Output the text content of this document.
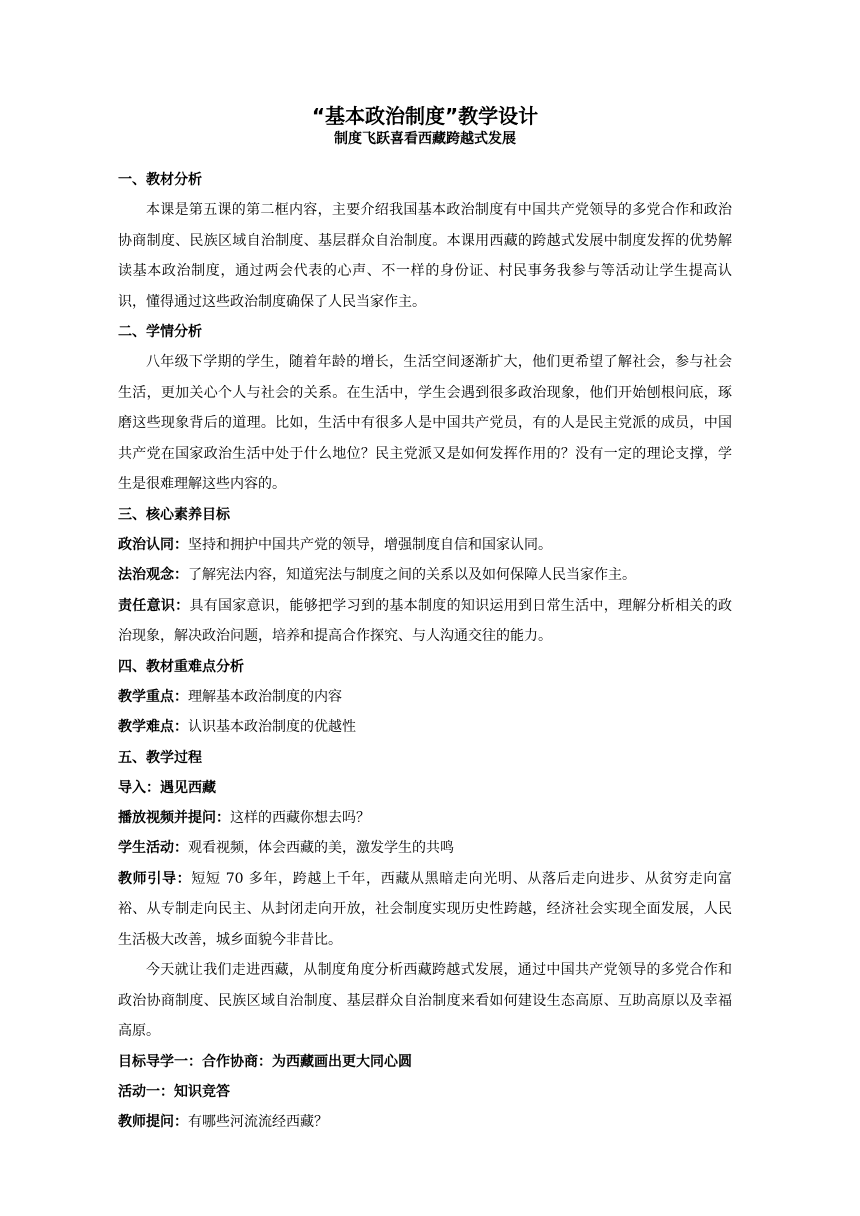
“基本政治制度”教学设计
制度飞跃喜看西藏跨越式发展

一、教材分析

本课是第五课的第二框内容，主要介绍我国基本政治制度有中国共产党领导的多党合作和政治协商制度、民族区域自治制度、基层群众自治制度。本课用西藏的跨越式发展中制度发挥的优势解读基本政治制度，通过两会代表的心声、不一样的身份证、村民事务我参与等活动让学生提高认识，懂得通过这些政治制度确保了人民当家作主。

二、学情分析

八年级下学期的学生，随着年龄的增长，生活空间逐渐扩大，他们更希望了解社会，参与社会生活，更加关心个人与社会的关系。在生活中，学生会遇到很多政治现象，他们开始刨根问底，琢磨这些现象背后的道理。比如，生活中有很多人是中国共产党员，有的人是民主党派的成员，中国共产党在国家政治生活中处于什么地位？民主党派又是如何发挥作用的？没有一定的理论支撑，学生是很难理解这些内容的。

三、核心素养目标

政治认同：坚持和拥护中国共产党的领导，增强制度自信和国家认同。

法治观念：了解宪法内容，知道宪法与制度之间的关系以及如何保障人民当家作主。

责任意识：具有国家意识，能够把学习到的基本制度的知识运用到日常生活中，理解分析相关的政治现象，解决政治问题，培养和提高合作探究、与人沟通交往的能力。

四、教材重难点分析

教学重点：理解基本政治制度的内容

教学难点：认识基本政治制度的优越性

五、教学过程

导入：遇见西藏

播放视频并提问：这样的西藏你想去吗？

学生活动：观看视频，体会西藏的美，激发学生的共鸣

教师引导：短短 70 多年，跨越上千年，西藏从黑暗走向光明、从落后走向进步、从贫穷走向富裕、从专制走向民主、从封闭走向开放，社会制度实现历史性跨越，经济社会实现全面发展，人民生活极大改善，城乡面貌今非昔比。

今天就让我们走进西藏，从制度角度分析西藏跨越式发展，通过中国共产党领导的多党合作和政治协商制度、民族区域自治制度、基层群众自治制度来看如何建设生态高原、互助高原以及幸福高原。

目标导学一：合作协商：为西藏画出更大同心圆

活动一：知识竞答

教师提问：有哪些河流流经西藏？
